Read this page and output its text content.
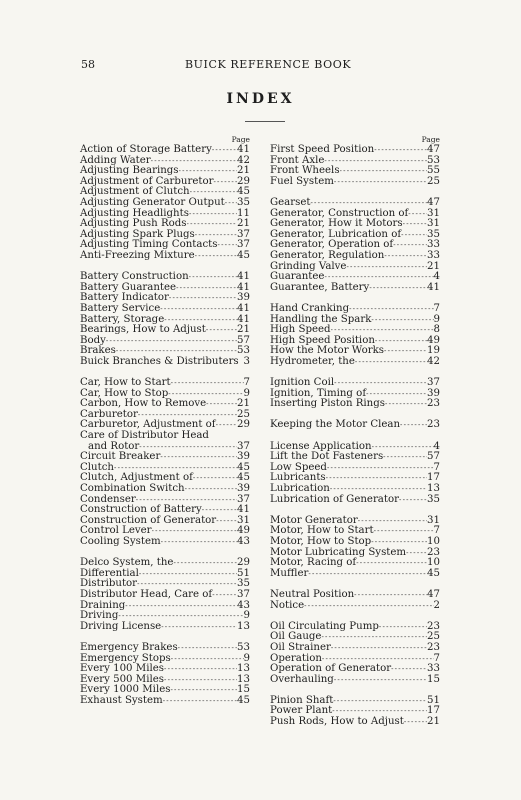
58	BUICK REFERENCE BOOK
INDEX
Page
Action of Storage Battery - - - 41
Adding Water - - -	42
Adjusting Bearings - - -	21
Adjustment of Carburetor - - - 29
Adjustment of Clutch - - -	45
Adjusting Generator Output - - - 35
Adjusting Headlights - - -	11
Adjusting Push Rods - - -	21
Adjusting Spark Plugs - - -	37
Adjusting Timing Contacts - - - 37
Anti-Freezing Mixture - - -	45
Battery Construction - - -	41
Battery Guarantee - - -	41
Battery Indicator - - -	39
Battery Service - - -	41
Battery, Storage - - -	41
Bearings, How to Adjust - - -	21
Body - - -	57
Brakes - - -	53
Buick Branches & Distributers 3
Car, How to Start - - -	7
Car, How to Stop - - -	9
Carbon, How to Remove - - -	21
Carburetor - - -	25
Carburetor, Adjustment of - - - 29
Care of Distributor Head
and Rotor - - -	37
Circuit Breaker - - -	39
Clutch - - -	45
Clutch, Adjustment of - - -	45
Combination Switch - - -	39
Condenser - - -	37
Construction of Battery - - -	41
Construction of Generator - - - 31
Control Lever - - -	49
Cooling System - - -	43
Delco System, the - - -	29
Differential - - -	51
Distributor - - -	35
Distributor Head, Care of - - - 37
Draining - - -	43
Driving - - -	9
Driving License - - -	13
Emergency Brakes - - -	53
Emergency Stops - - -	9
Every 100 Miles - - -	13
Every 500 Miles - - -	13
Every 1000 Miles - - -	15
Exhaust System - - -	45
Page
First Speed Position - - -	47
Front Axle - - -	53
Front Wheels - - -	55
Fuel System - - -	25
Gearset - - -	47
Generator, Construction of - - - 31
Generator, How it Motors - - - 31
Generator, Lubrication of - - -	35
Generator, Operation of - - -	33
Generator, Regulation - - -	33
Grinding Valve - - -	21
Guarantee - - -	4
Guarantee, Battery - - -	41
Hand Cranking - - -	7
Handling the Spark - - -	9
High Speed - - -	8
High Speed Position - - -	49
How the Motor Works - - -	19
Hydrometer, the - - -	42
Ignition Coil - - -	37
Ignition, Timing of - - -	39
Inserting Piston Rings - - -	23
Keeping the Motor Clean - - -	23
License Application - - -	4
Lift the Dot Fasteners - - -	57
Low Speed - - -	7
Lubricants - - -	17
Lubrication - - -	13
Lubrication of Generator - - -	35
Motor Generator - - -	31
Motor, How to Start - - -	7
Motor, How to Stop - - -	10
Motor Lubricating System - - - 23
Motor, Racing of - - -	10
Muffler - - -	45
Neutral Position - - -	47
Notice - - -	2
Oil Circulating Pump - - -	23
Oil Gauge - - -	25
Oil Strainer - - -	23
Operation - - -	7
Operation of Generator - - -	33
Overhauling - - -	15
Pinion Shaft - - -	51
Power Plant - - -	17
Push Rods, How to Adjust - - - 21
